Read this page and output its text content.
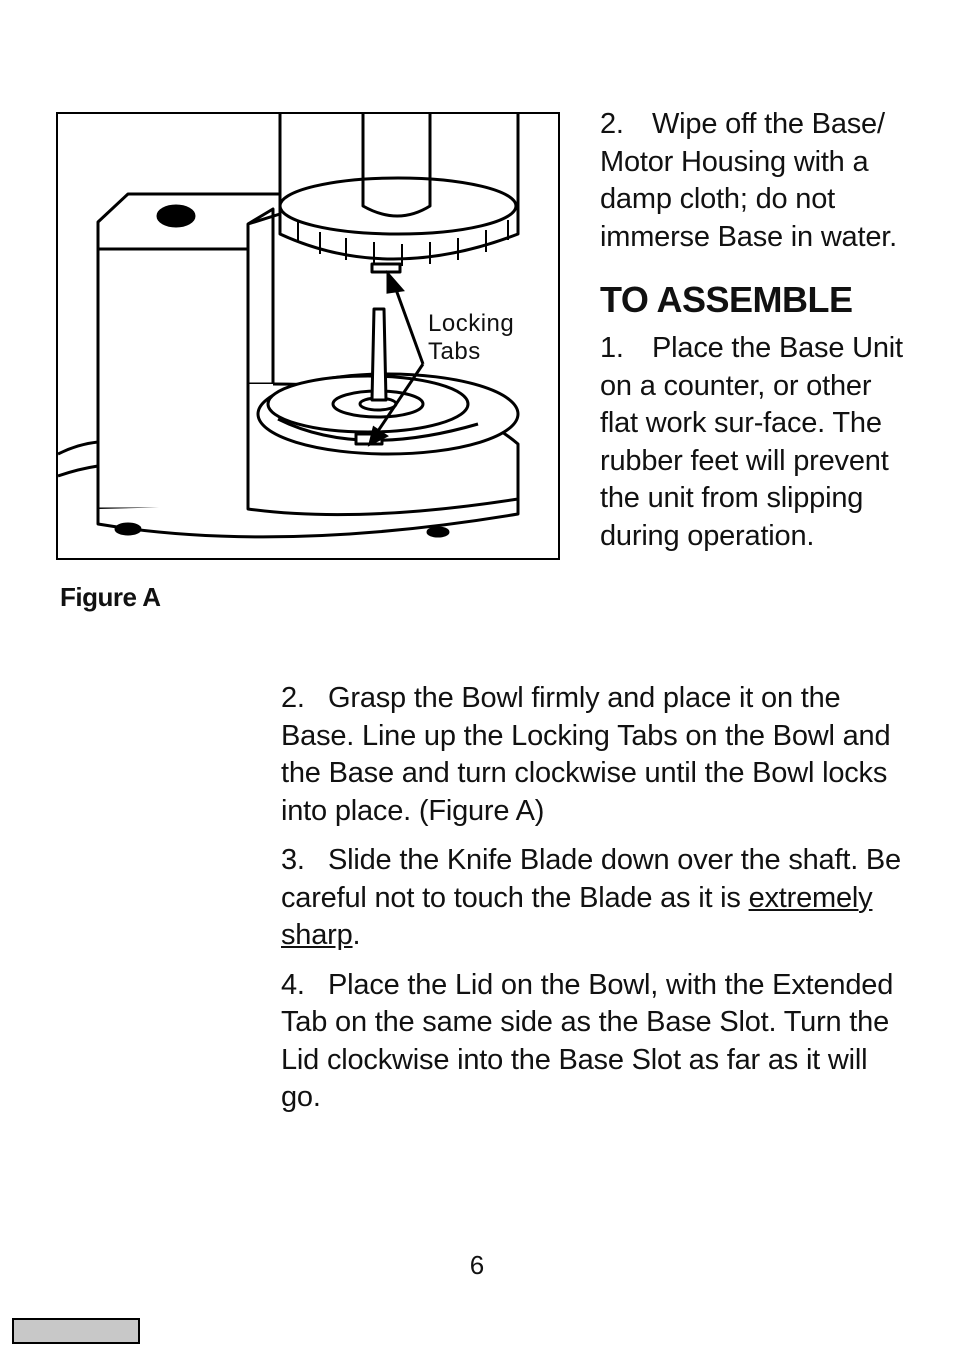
Locking
Tabs
Figure A

2. Wipe off the Base/ Motor Housing with a damp cloth; do not immerse Base in water.

TO ASSEMBLE

1. Place the Base Unit on a counter, or other flat work sur-face. The rubber feet will prevent the unit from slipping during operation.

2. Grasp the Bowl firmly and place it on the Base. Line up the Locking Tabs on the Bowl and the Base and turn clockwise until the Bowl locks into place. (Figure A)

3. Slide the Knife Blade down over the shaft. Be careful not to touch the Blade as it is extremely sharp.

4. Place the Lid on the Bowl, with the Extended Tab on the same side as the Base Slot. Turn the Lid clockwise into the Base Slot as far as it will go.

6
